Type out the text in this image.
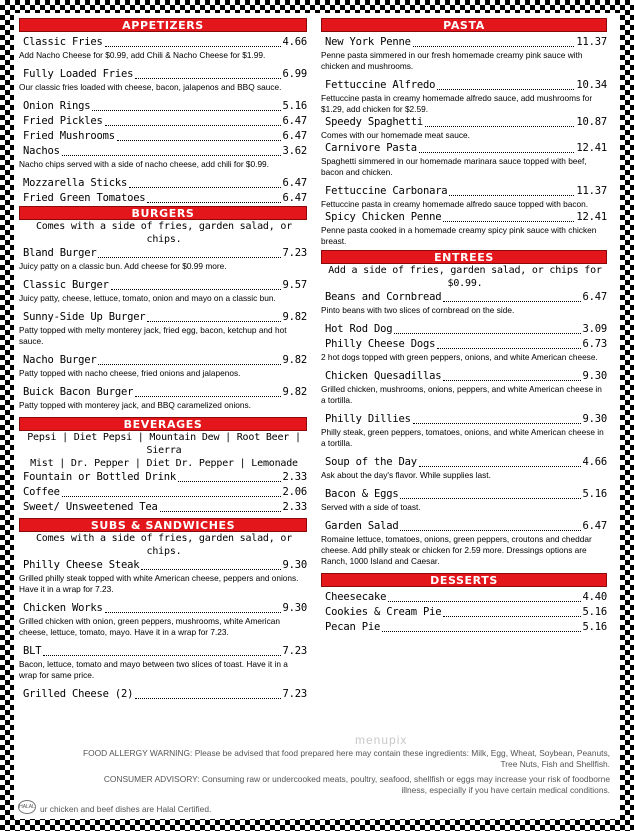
APPETIZERS
Classic Fries	4.66
Add Nacho Cheese for $0.99, add Chili & Nacho Cheese for $1.99.
Fully Loaded Fries	6.99
Our classic fries loaded with cheese, bacon, jalapenos and BBQ sauce.
Onion Rings	5.16
Fried Pickles	6.47
Fried Mushrooms	6.47
Nachos	3.62
Nacho chips served with a side of nacho cheese, add chili for $0.99.
Mozzarella Sticks	6.47
Fried Green Tomatoes	6.47
BURGERS
Comes with a side of fries, garden salad, or chips.
Bland Burger	7.23
Juicy patty on a classic bun. Add cheese for $0.99 more.
Classic Burger	9.57
Juicy patty, cheese, lettuce, tomato, onion and mayo on a classic bun.
Sunny-Side Up Burger	9.82
Patty topped with melty monterey jack, fried egg, bacon, ketchup and hot sauce.
Nacho Burger	9.82
Patty topped with nacho cheese, fried onions and jalapenos.
Buick Bacon Burger	9.82
Patty topped with monterey jack, and BBQ caramelized onions.
BEVERAGES
Pepsi | Diet Pepsi | Mountain Dew | Root Beer | Sierra
Mist | Dr. Pepper | Diet Dr. Pepper | Lemonade
Fountain or Bottled Drink	2.33
Coffee	2.06
Sweet/ Unsweetened Tea	2.33
SUBS & SANDWICHES
Comes with a side of fries, garden salad, or chips.
Philly Cheese Steak	9.30
Grilled philly steak topped with white American cheese, peppers and onions. Have it in a wrap for 7.23.
Chicken Works	9.30
Grilled chicken with onion, green peppers, mushrooms, white American cheese, lettuce, tomato, mayo. Have it in a wrap for 7.23.
BLT	7.23
Bacon, lettuce, tomato and mayo between two slices of toast. Have it in a wrap for same price.
Grilled Cheese (2)	7.23
PASTA
New York Penne	11.37
Penne pasta simmered in our fresh homemade creamy pink sauce with chicken and mushrooms.
Fettuccine Alfredo	10.34
Fettuccine pasta in creamy homemade alfredo sauce, add mushrooms for $1.29, add chicken for $2.59.
Speedy Spaghetti	10.87
Comes with our homemade meat sauce.
Carnivore Pasta	12.41
Spaghetti simmered in our homemade marinara sauce topped with beef, bacon and chicken.
Fettuccine Carbonara	11.37
Fettuccine pasta in creamy homemade alfredo sauce topped with bacon.
Spicy Chicken Penne	12.41
Penne pasta cooked in a homemade creamy spicy pink sauce with chicken breast.
ENTREES
Add a side of fries, garden salad, or chips for $0.99.
Beans and Cornbread	6.47
Pinto beans with two slices of cornbread on the side.
Hot Rod Dog	3.09
Philly Cheese Dogs	6.73
2 hot dogs topped with green peppers, onions, and white American cheese.
Chicken Quesadillas	9.30
Grilled chicken, mushrooms, onions, peppers, and white American cheese in a tortilla.
Philly Dillies	9.30
Philly steak, green peppers, tomatoes, onions, and white American cheese in a tortilla.
Soup of the Day	4.66
Ask about the day's flavor. While supplies last.
Bacon & Eggs	5.16
Served with a side of toast.
Garden Salad	6.47
Romaine lettuce, tomatoes, onions, green peppers, croutons and cheddar cheese. Add philly steak or chicken for 2.59 more. Dressings options are Ranch, 1000 Island and Caesar.
DESSERTS
Cheesecake	4.40
Cookies & Cream Pie	5.16
Pecan Pie	5.16
FOOD ALLERGY WARNING: Please be advised that food prepared here may contain these ingredients: Milk, Egg, Wheat, Soybean, Peanuts,
Tree Nuts, Fish and Shellfish.
CONSUMER ADVISORY: Consuming raw or undercooked meats, poultry, seafood, shellfish or eggs may increase your risk of foodborne
illness, especially if you have certain medical conditions.
HALAL ur chicken and beef dishes are Halal Certified.
menupix
